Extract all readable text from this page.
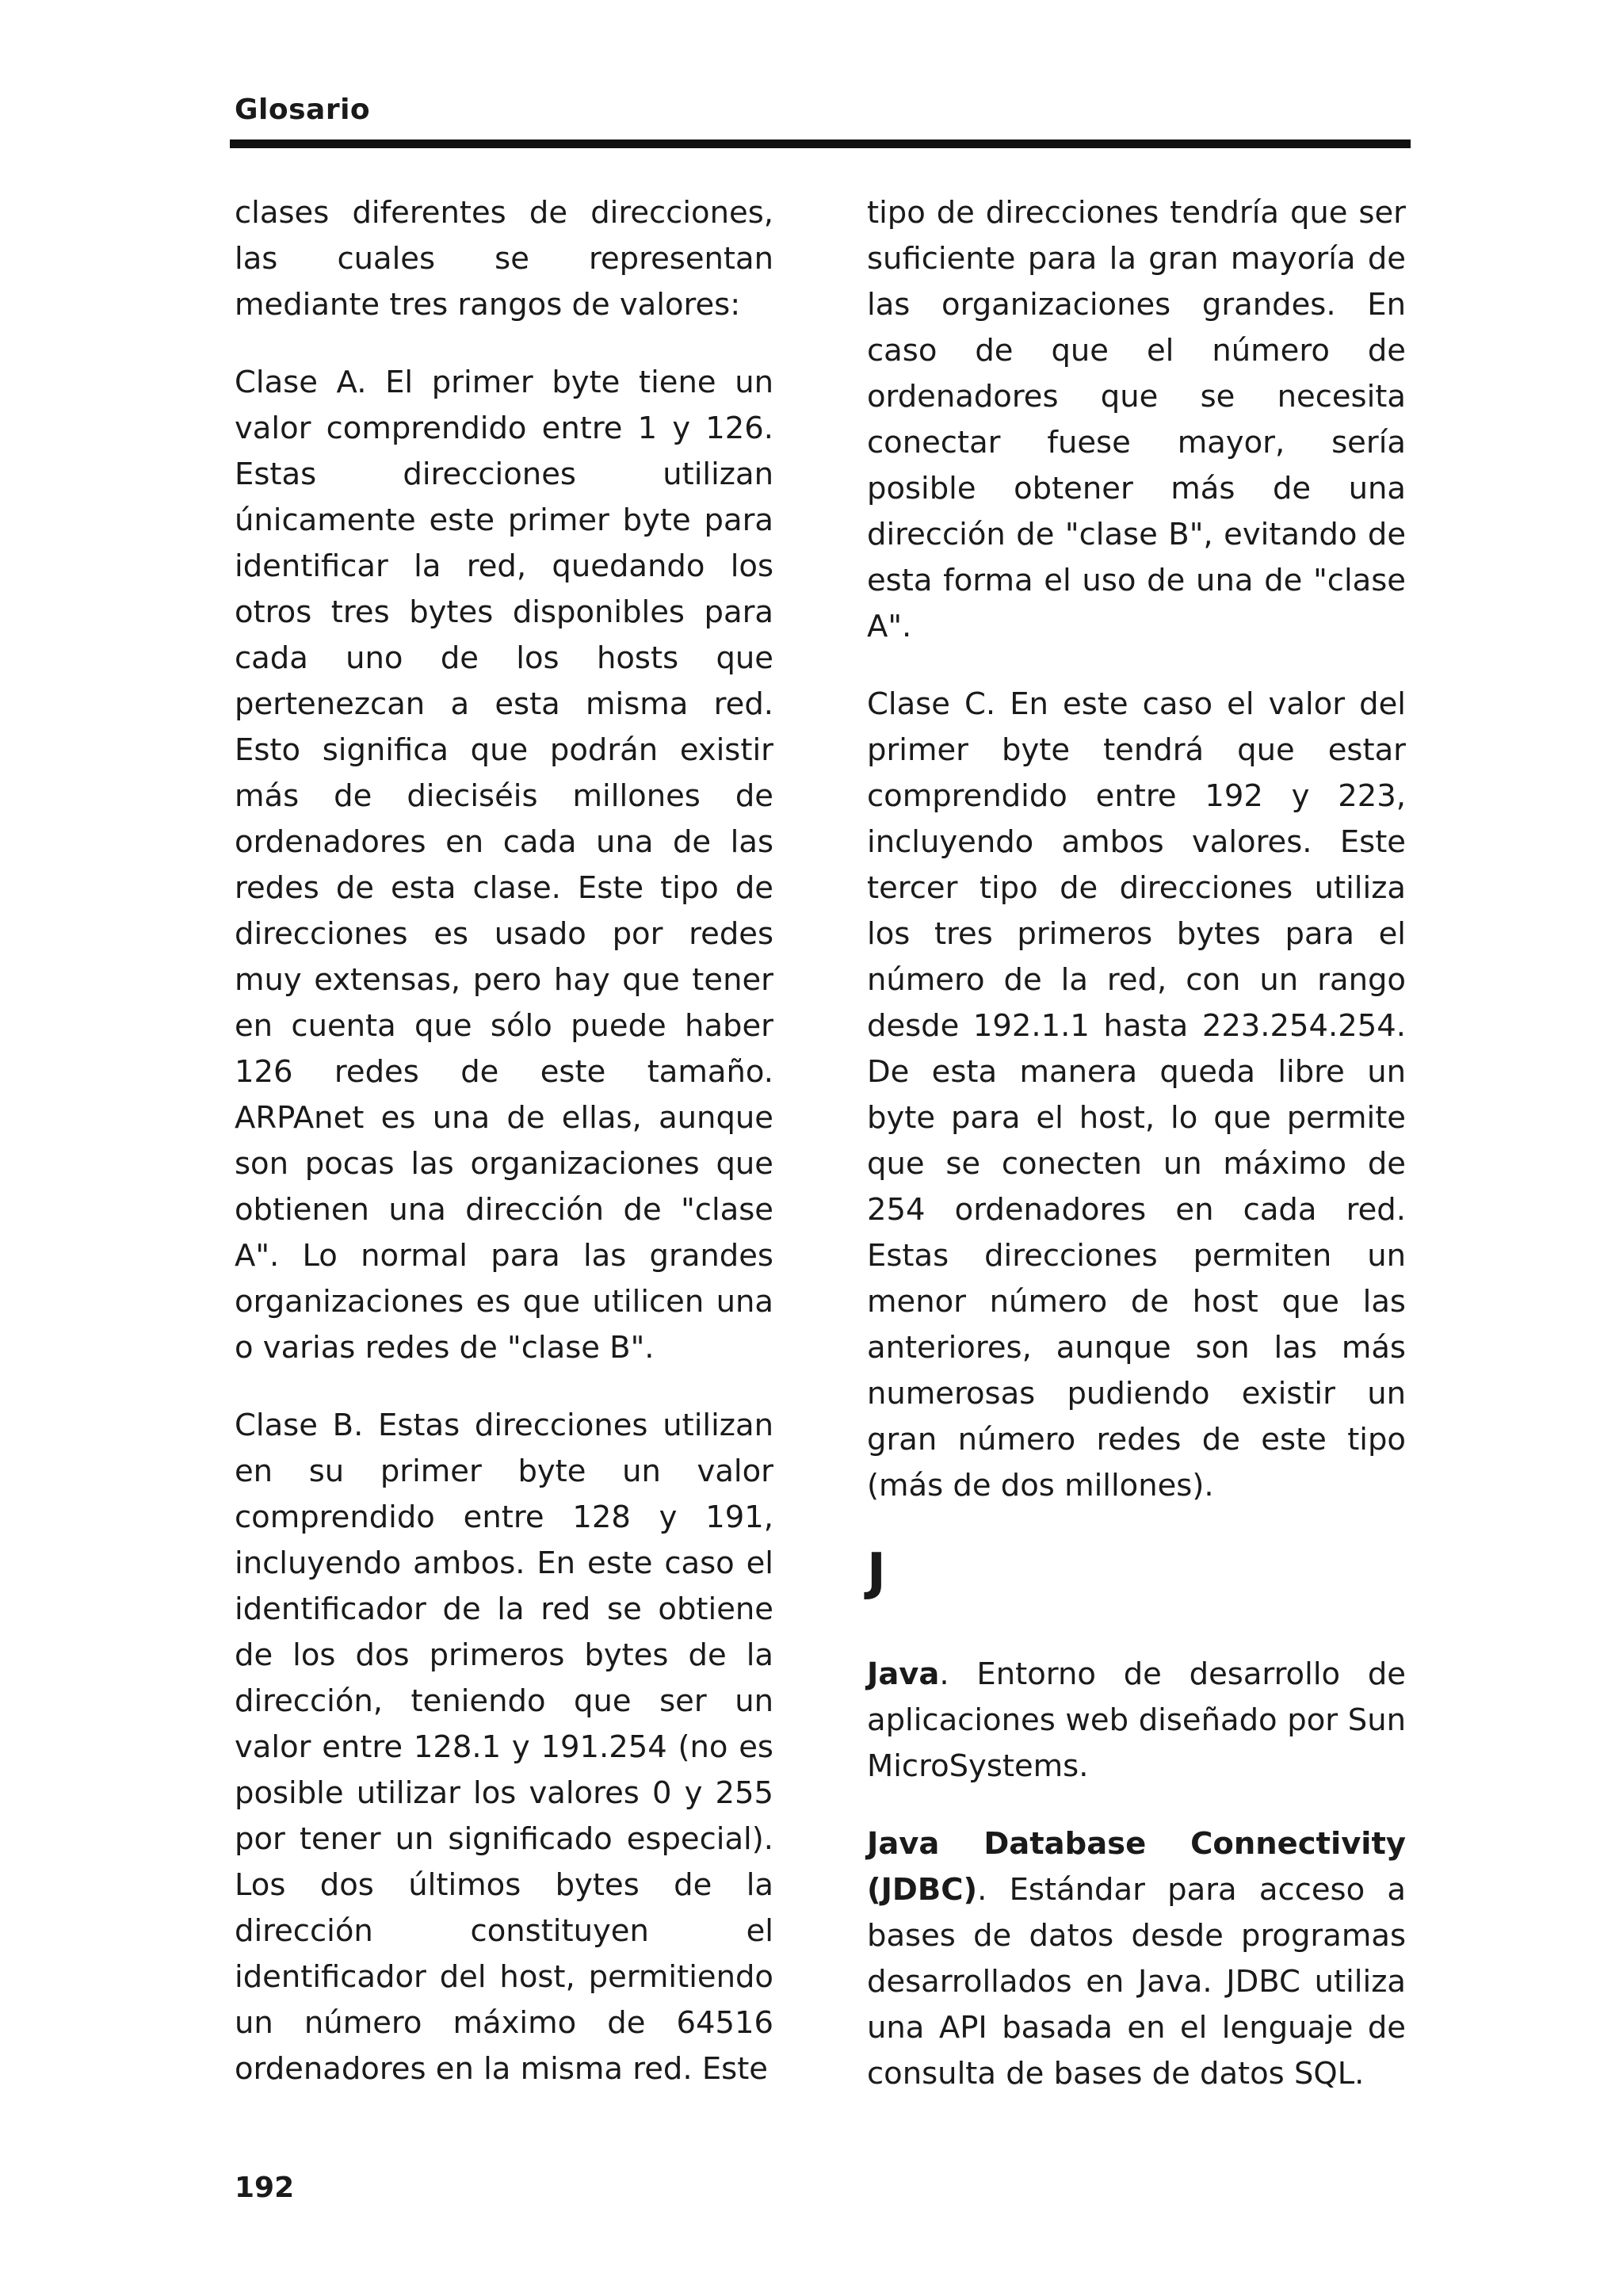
Glosario

clases diferentes de direcciones, las cuales se representan mediante tres rangos de valores:

Clase A. El primer byte tiene un valor comprendido entre 1 y 126. Estas direcciones utilizan únicamente este primer byte para identificar la red, quedando los otros tres bytes disponibles para cada uno de los hosts que pertenezcan a esta misma red. Esto significa que podrán existir más de dieciséis millones de ordenadores en cada una de las redes de esta clase. Este tipo de direcciones es usado por redes muy extensas, pero hay que tener en cuenta que sólo puede haber 126 redes de este tamaño. ARPAnet es una de ellas, aunque son pocas las organizaciones que obtienen una dirección de "clase A". Lo normal para las grandes organizaciones es que utilicen una o varias redes de "clase B".

Clase B. Estas direcciones utilizan en su primer byte un valor comprendido entre 128 y 191, incluyendo ambos. En este caso el identificador de la red se obtiene de los dos primeros bytes de la dirección, teniendo que ser un valor entre 128.1 y 191.254 (no es posible utilizar los valores 0 y 255 por tener un significado especial). Los dos últimos bytes de la dirección constituyen el identificador del host, permitiendo un número máximo de 64516 ordenadores en la misma red. Este

tipo de direcciones tendría que ser suficiente para la gran mayoría de las organizaciones grandes. En caso de que el número de ordenadores que se necesita conectar fuese mayor, sería posible obtener más de una dirección de "clase B", evitando de esta forma el uso de una de "clase A".

Clase C. En este caso el valor del primer byte tendrá que estar comprendido entre 192 y 223, incluyendo ambos valores. Este tercer tipo de direcciones utiliza los tres primeros bytes para el número de la red, con un rango desde 192.1.1 hasta 223.254.254. De esta manera queda libre un byte para el host, lo que permite que se conecten un máximo de 254 ordenadores en cada red. Estas direcciones permiten un menor número de host que las anteriores, aunque son las más numerosas pudiendo existir un gran número redes de este tipo (más de dos millones).

J

Java. Entorno de desarrollo de aplicaciones web diseñado por Sun MicroSystems.

Java Database Connectivity (JDBC). Estándar para acceso a bases de datos desde programas desarrollados en Java. JDBC utiliza una API basada en el lenguaje de consulta de bases de datos SQL.

192
